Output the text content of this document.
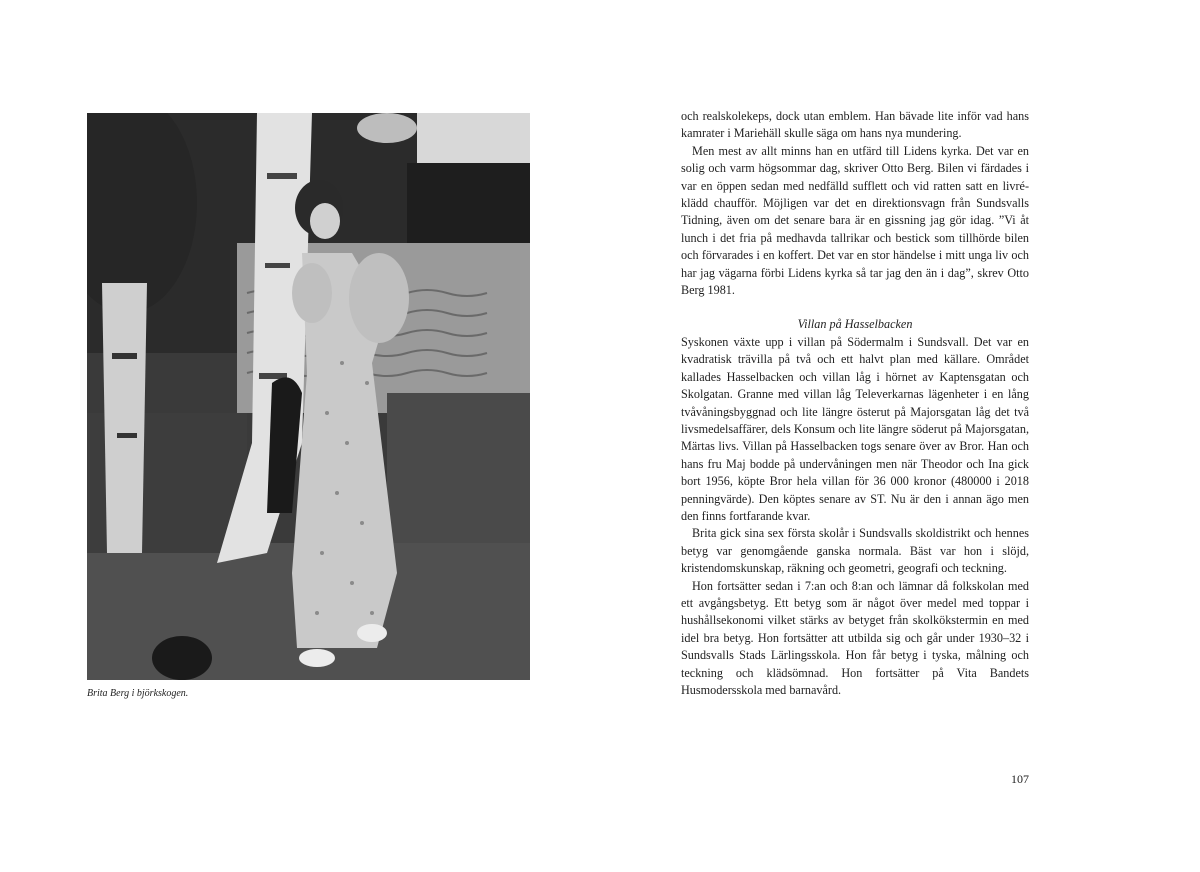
Brita Berg i björkskogen.

och realskolekeps, dock utan emblem. Han bävade lite inför vad hans kamrater i Mariehäll skulle säga om hans nya mundering.

Men mest av allt minns han en utfärd till Lidens kyrka. Det var en solig och varm högsommar dag, skriver Otto Berg. Bilen vi färdades i var en öppen sedan med nedfälld sufflett och vid ratten satt en livré-klädd chaufför. Möjligen var det en direktionsvagn från Sundsvalls Tidning, även om det senare bara är en gissning jag gör idag. ”Vi åt lunch i det fria på medhavda tallrikar och bestick som tillhörde bilen och förvarades i en koffert. Det var en stor händelse i mitt unga liv och har jag vägarna förbi Lidens kyrka så tar jag den än i dag”, skrev Otto Berg 1981.

Villan på Hasselbacken

Syskonen växte upp i villan på Södermalm i Sundsvall. Det var en kvadratisk trävilla på två och ett halvt plan med källare. Området kallades Hasselbacken och villan låg i hörnet av Kaptensgatan och Skolgatan. Granne med villan låg Televerkarnas lägenheter i en lång tvåvåningsbyggnad och lite längre österut på Majorsgatan låg det två livsmedelsaffärer, dels Konsum och lite längre söderut på Majorsgatan, Märtas livs. Villan på Hasselbacken togs senare över av Bror. Han och hans fru Maj bodde på undervåningen men när Theodor och Ina gick bort 1956, köpte Bror hela villan för 36 000 kronor (480000 i 2018 penningvärde). Den köptes senare av ST. Nu är den i annan ägo men den finns fortfarande kvar.

Brita gick sina sex första skolår i Sundsvalls skoldistrikt och hennes betyg var genomgående ganska normala. Bäst var hon i slöjd, kristendomskunskap, räkning och geometri, geografi och teckning.

Hon fortsätter sedan i 7:an och 8:an och lämnar då folkskolan med ett avgångsbetyg. Ett betyg som är något över medel med toppar i hushållsekonomi vilket stärks av betyget från skolkökstermin en med idel bra betyg. Hon fortsätter att utbilda sig och går under 1930–32 i Sundsvalls Stads Lärlingsskola. Hon får betyg i tyska, målning och teckning och klädsömnad. Hon fortsätter på Vita Bandets Husmodersskola med barnavård.

107
